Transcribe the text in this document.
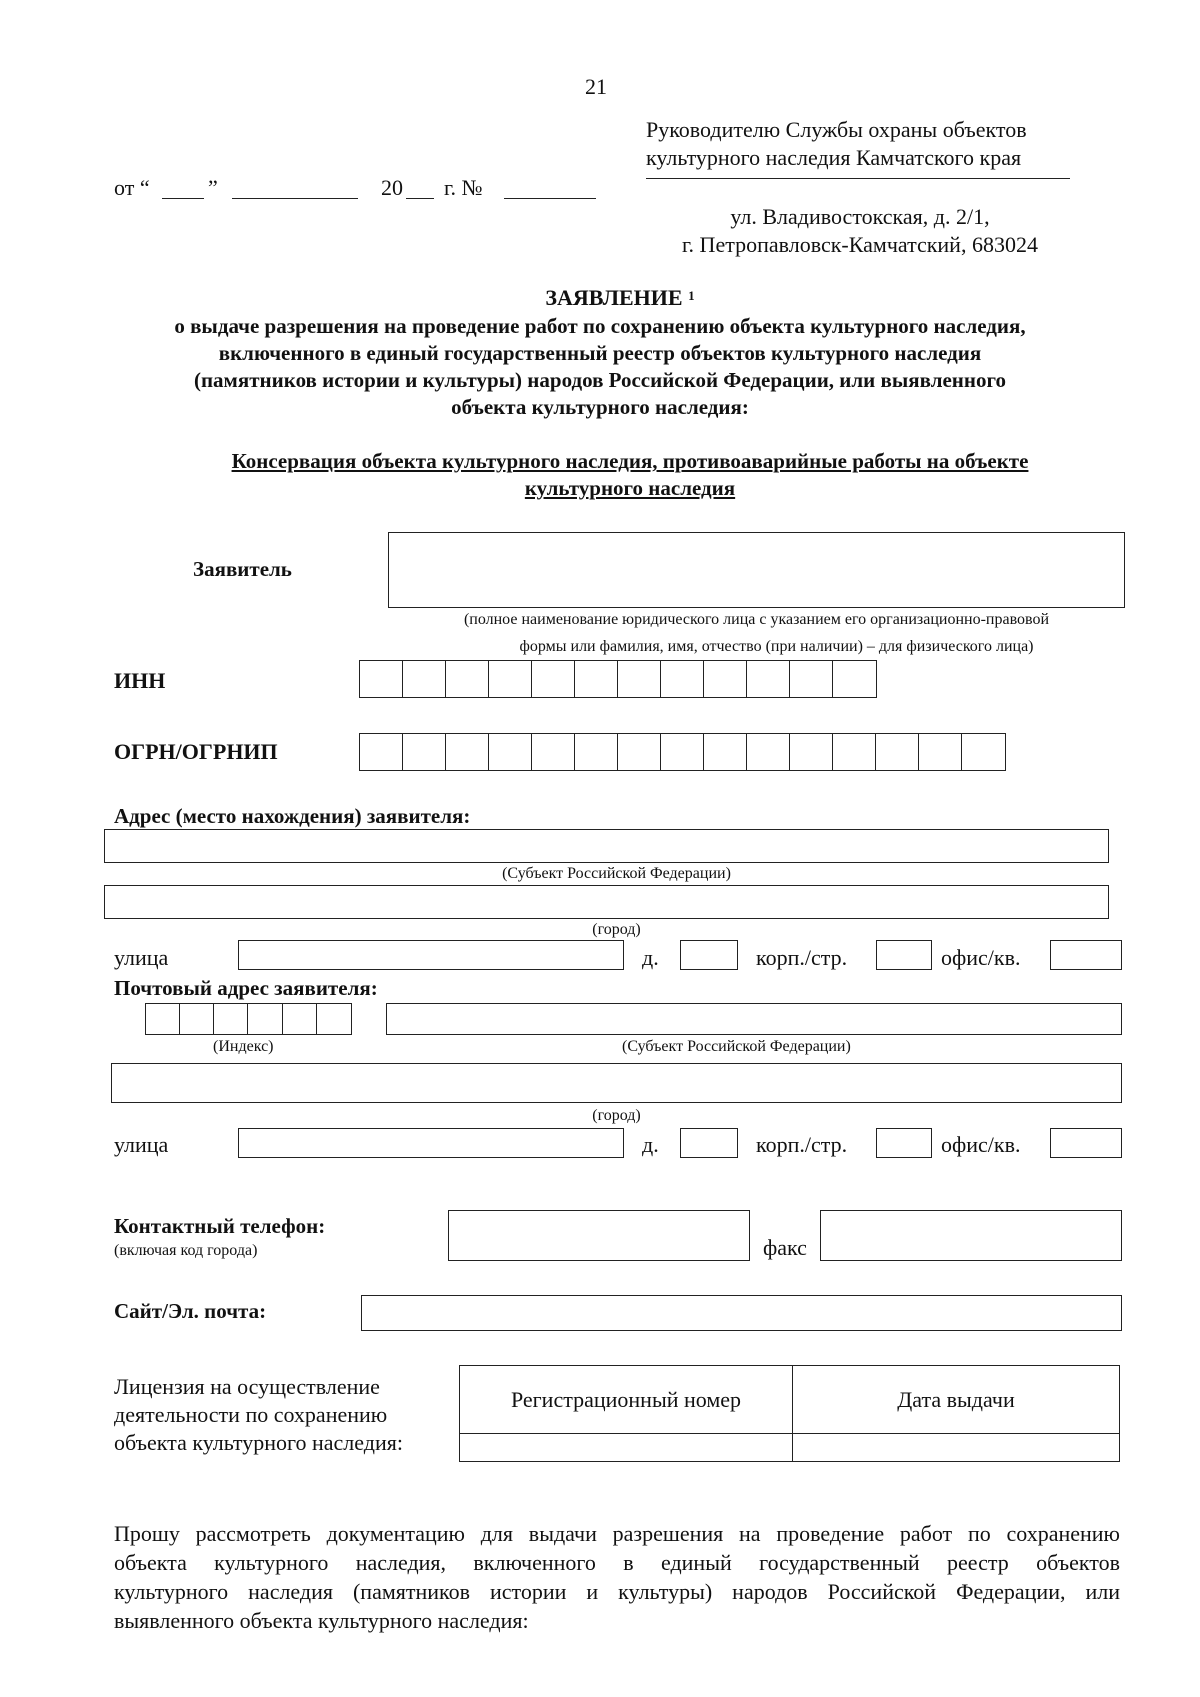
21
Руководителю Службы охраны объектов
культурного наследия Камчатского края
ул. Владивостокская, д. 2/1,
г. Петропавловск-Камчатский, 683024
от “	”	20 г. №
ЗАЯВЛЕНИЕ $^1$
о выдаче разрешения на проведение работ по сохранению объекта культурного наследия,
включенного в единый государственный реестр объектов культурного наследия
(памятников истории и культуры) народов Российской Федерации, или выявленного
объекта культурного наследия:
Консервация объекта культурного наследия, противоаварийные работы на объекте
культурного наследия
Заявитель
(полное наименование юридического лица с указанием его организационно-правовой
формы или фамилия, имя, отчество (при наличии) – для физического лица)
ИНН
ОГРН/ОГРНИП
Адрес (место нахождения) заявителя:
(Субъект Российской Федерации)
(город)
улица	д.	корп./стр.	офис/кв.
Почтовый адрес заявителя:
(Индекс)	(Субъект Российской Федерации)
(город)
улица	д.	корп./стр.	офис/кв.
Контактный телефон:
(включая код города)	факс
Сайт/Эл. почта:
Лицензия на осуществление
деятельности по сохранению
объекта культурного наследия:
Регистрационный номер	Дата выдачи

Прошу рассмотреть документацию для выдачи разрешения на проведение работ по сохранению
объекта культурного наследия, включенного в единый государственный реестр объектов
культурного наследия (памятников истории и культуры) народов Российской Федерации, или
выявленного объекта культурного наследия:
